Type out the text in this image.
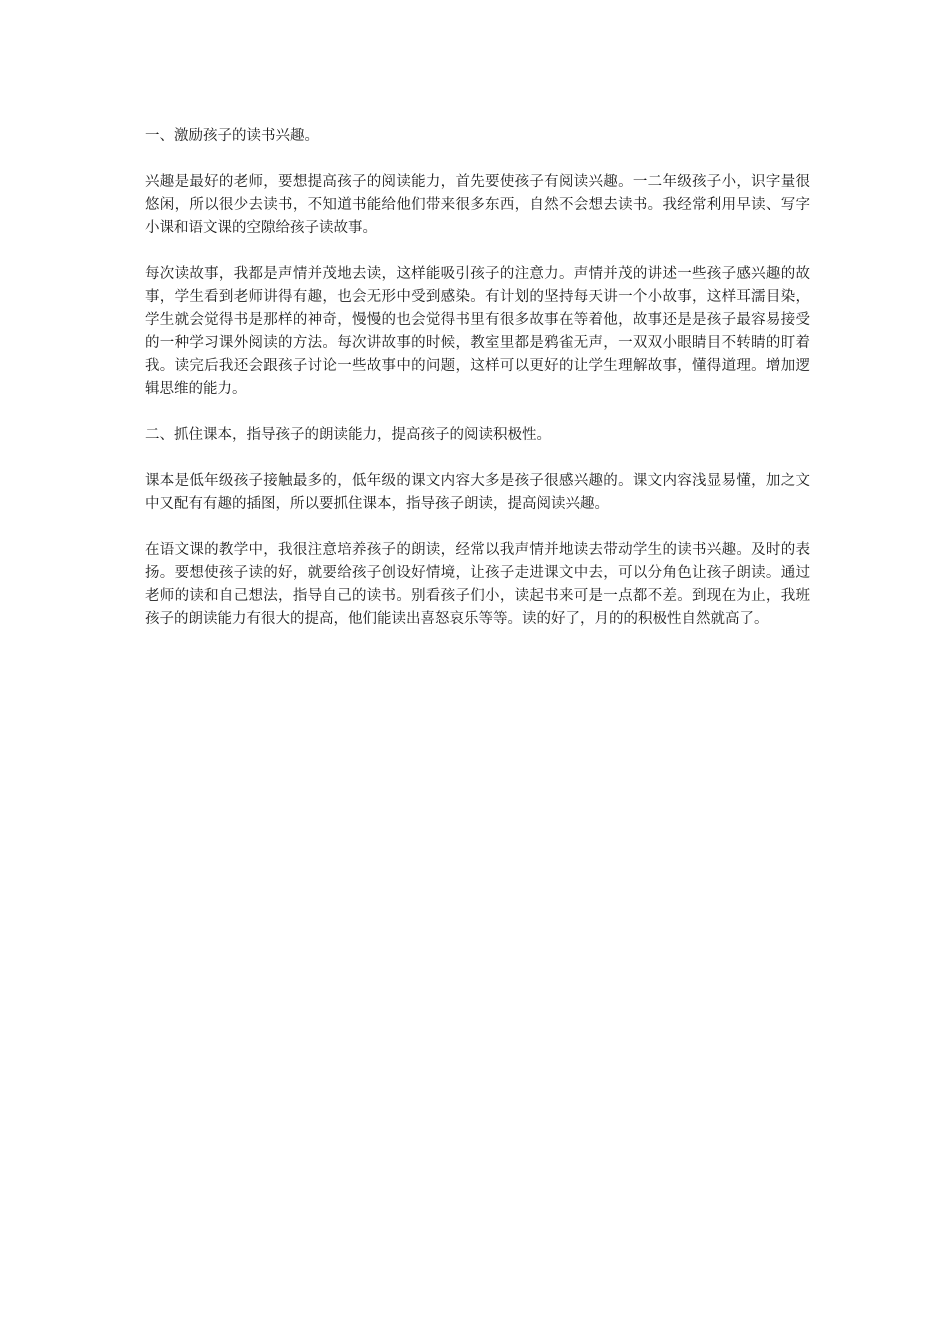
一、激励孩子的读书兴趣。

兴趣是最好的老师，要想提高孩子的阅读能力，首先要使孩子有阅读兴趣。一二年级孩子小，识字量很悠闲，所以很少去读书，不知道书能给他们带来很多东西，自然不会想去读书。我经常利用早读、写字小课和语文课的空隙给孩子读故事。

每次读故事，我都是声情并茂地去读，这样能吸引孩子的注意力。声情并茂的讲述一些孩子感兴趣的故事，学生看到老师讲得有趣，也会无形中受到感染。有计划的坚持每天讲一个小故事，这样耳濡目染，学生就会觉得书是那样的神奇，慢慢的也会觉得书里有很多故事在等着他，故事还是是孩子最容易接受的一种学习课外阅读的方法。每次讲故事的时候，教室里都是鸦雀无声，一双双小眼睛目不转睛的盯着我。读完后我还会跟孩子讨论一些故事中的问题，这样可以更好的让学生理解故事，懂得道理。增加逻辑思维的能力。

二、抓住课本，指导孩子的朗读能力，提高孩子的阅读积极性。

课本是低年级孩子接触最多的，低年级的课文内容大多是孩子很感兴趣的。课文内容浅显易懂，加之文中又配有有趣的插图，所以要抓住课本，指导孩子朗读，提高阅读兴趣。

在语文课的教学中，我很注意培养孩子的朗读，经常以我声情并地读去带动学生的读书兴趣。及时的表扬。要想使孩子读的好，就要给孩子创设好情境，让孩子走进课文中去，可以分角色让孩子朗读。通过老师的读和自己想法，指导自己的读书。别看孩子们小，读起书来可是一点都不差。到现在为止，我班孩子的朗读能力有很大的提高，他们能读出喜怒哀乐等等。读的好了，月的的积极性自然就高了。
